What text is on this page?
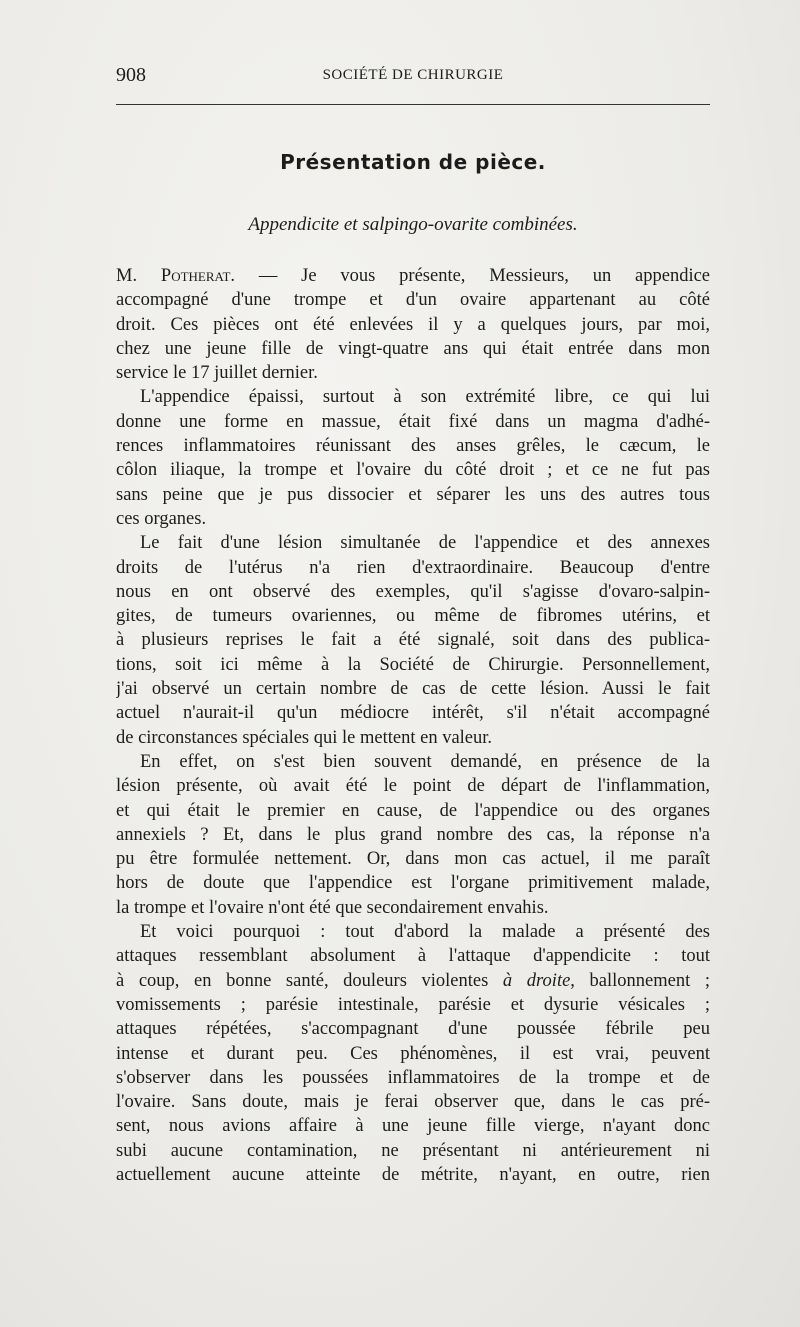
908	SOCIÉTÉ DE CHIRURGIE
Présentation de pièce.
Appendicite et salpingo-ovarite combinées.
M. Potherat. — Je vous présente, Messieurs, un appendice
accompagné d'une trompe et d'un ovaire appartenant au côté
droit. Ces pièces ont été enlevées il y a quelques jours, par moi,
chez une jeune fille de vingt-quatre ans qui était entrée dans mon
service le 17 juillet dernier.
L'appendice épaissi, surtout à son extrémité libre, ce qui lui
donne une forme en massue, était fixé dans un magma d'adhé-
rences inflammatoires réunissant des anses grêles, le cæcum, le
côlon iliaque, la trompe et l'ovaire du côté droit ; et ce ne fut pas
sans peine que je pus dissocier et séparer les uns des autres tous
ces organes.
Le fait d'une lésion simultanée de l'appendice et des annexes
droits de l'utérus n'a rien d'extraordinaire. Beaucoup d'entre
nous en ont observé des exemples, qu'il s'agisse d'ovaro-salpin-
gites, de tumeurs ovariennes, ou même de fibromes utérins, et
à plusieurs reprises le fait a été signalé, soit dans des publica-
tions, soit ici même à la Société de Chirurgie. Personnellement,
j'ai observé un certain nombre de cas de cette lésion. Aussi le fait
actuel n'aurait-il qu'un médiocre intérêt, s'il n'était accompagné
de circonstances spéciales qui le mettent en valeur.
En effet, on s'est bien souvent demandé, en présence de la
lésion présente, où avait été le point de départ de l'inflammation,
et qui était le premier en cause, de l'appendice ou des organes
annexiels ? Et, dans le plus grand nombre des cas, la réponse n'a
pu être formulée nettement. Or, dans mon cas actuel, il me paraît
hors de doute que l'appendice est l'organe primitivement malade,
la trompe et l'ovaire n'ont été que secondairement envahis.
Et voici pourquoi : tout d'abord la malade a présenté des
attaques ressemblant absolument à l'attaque d'appendicite : tout
à coup, en bonne santé, douleurs violentes à droite, ballonnement ;
vomissements ; parésie intestinale, parésie et dysurie vésicales ;
attaques répétées, s'accompagnant d'une poussée fébrile peu
intense et durant peu. Ces phénomènes, il est vrai, peuvent
s'observer dans les poussées inflammatoires de la trompe et de
l'ovaire. Sans doute, mais je ferai observer que, dans le cas pré-
sent, nous avions affaire à une jeune fille vierge, n'ayant donc
subi aucune contamination, ne présentant ni antérieurement ni
actuellement aucune atteinte de métrite, n'ayant, en outre, rien
